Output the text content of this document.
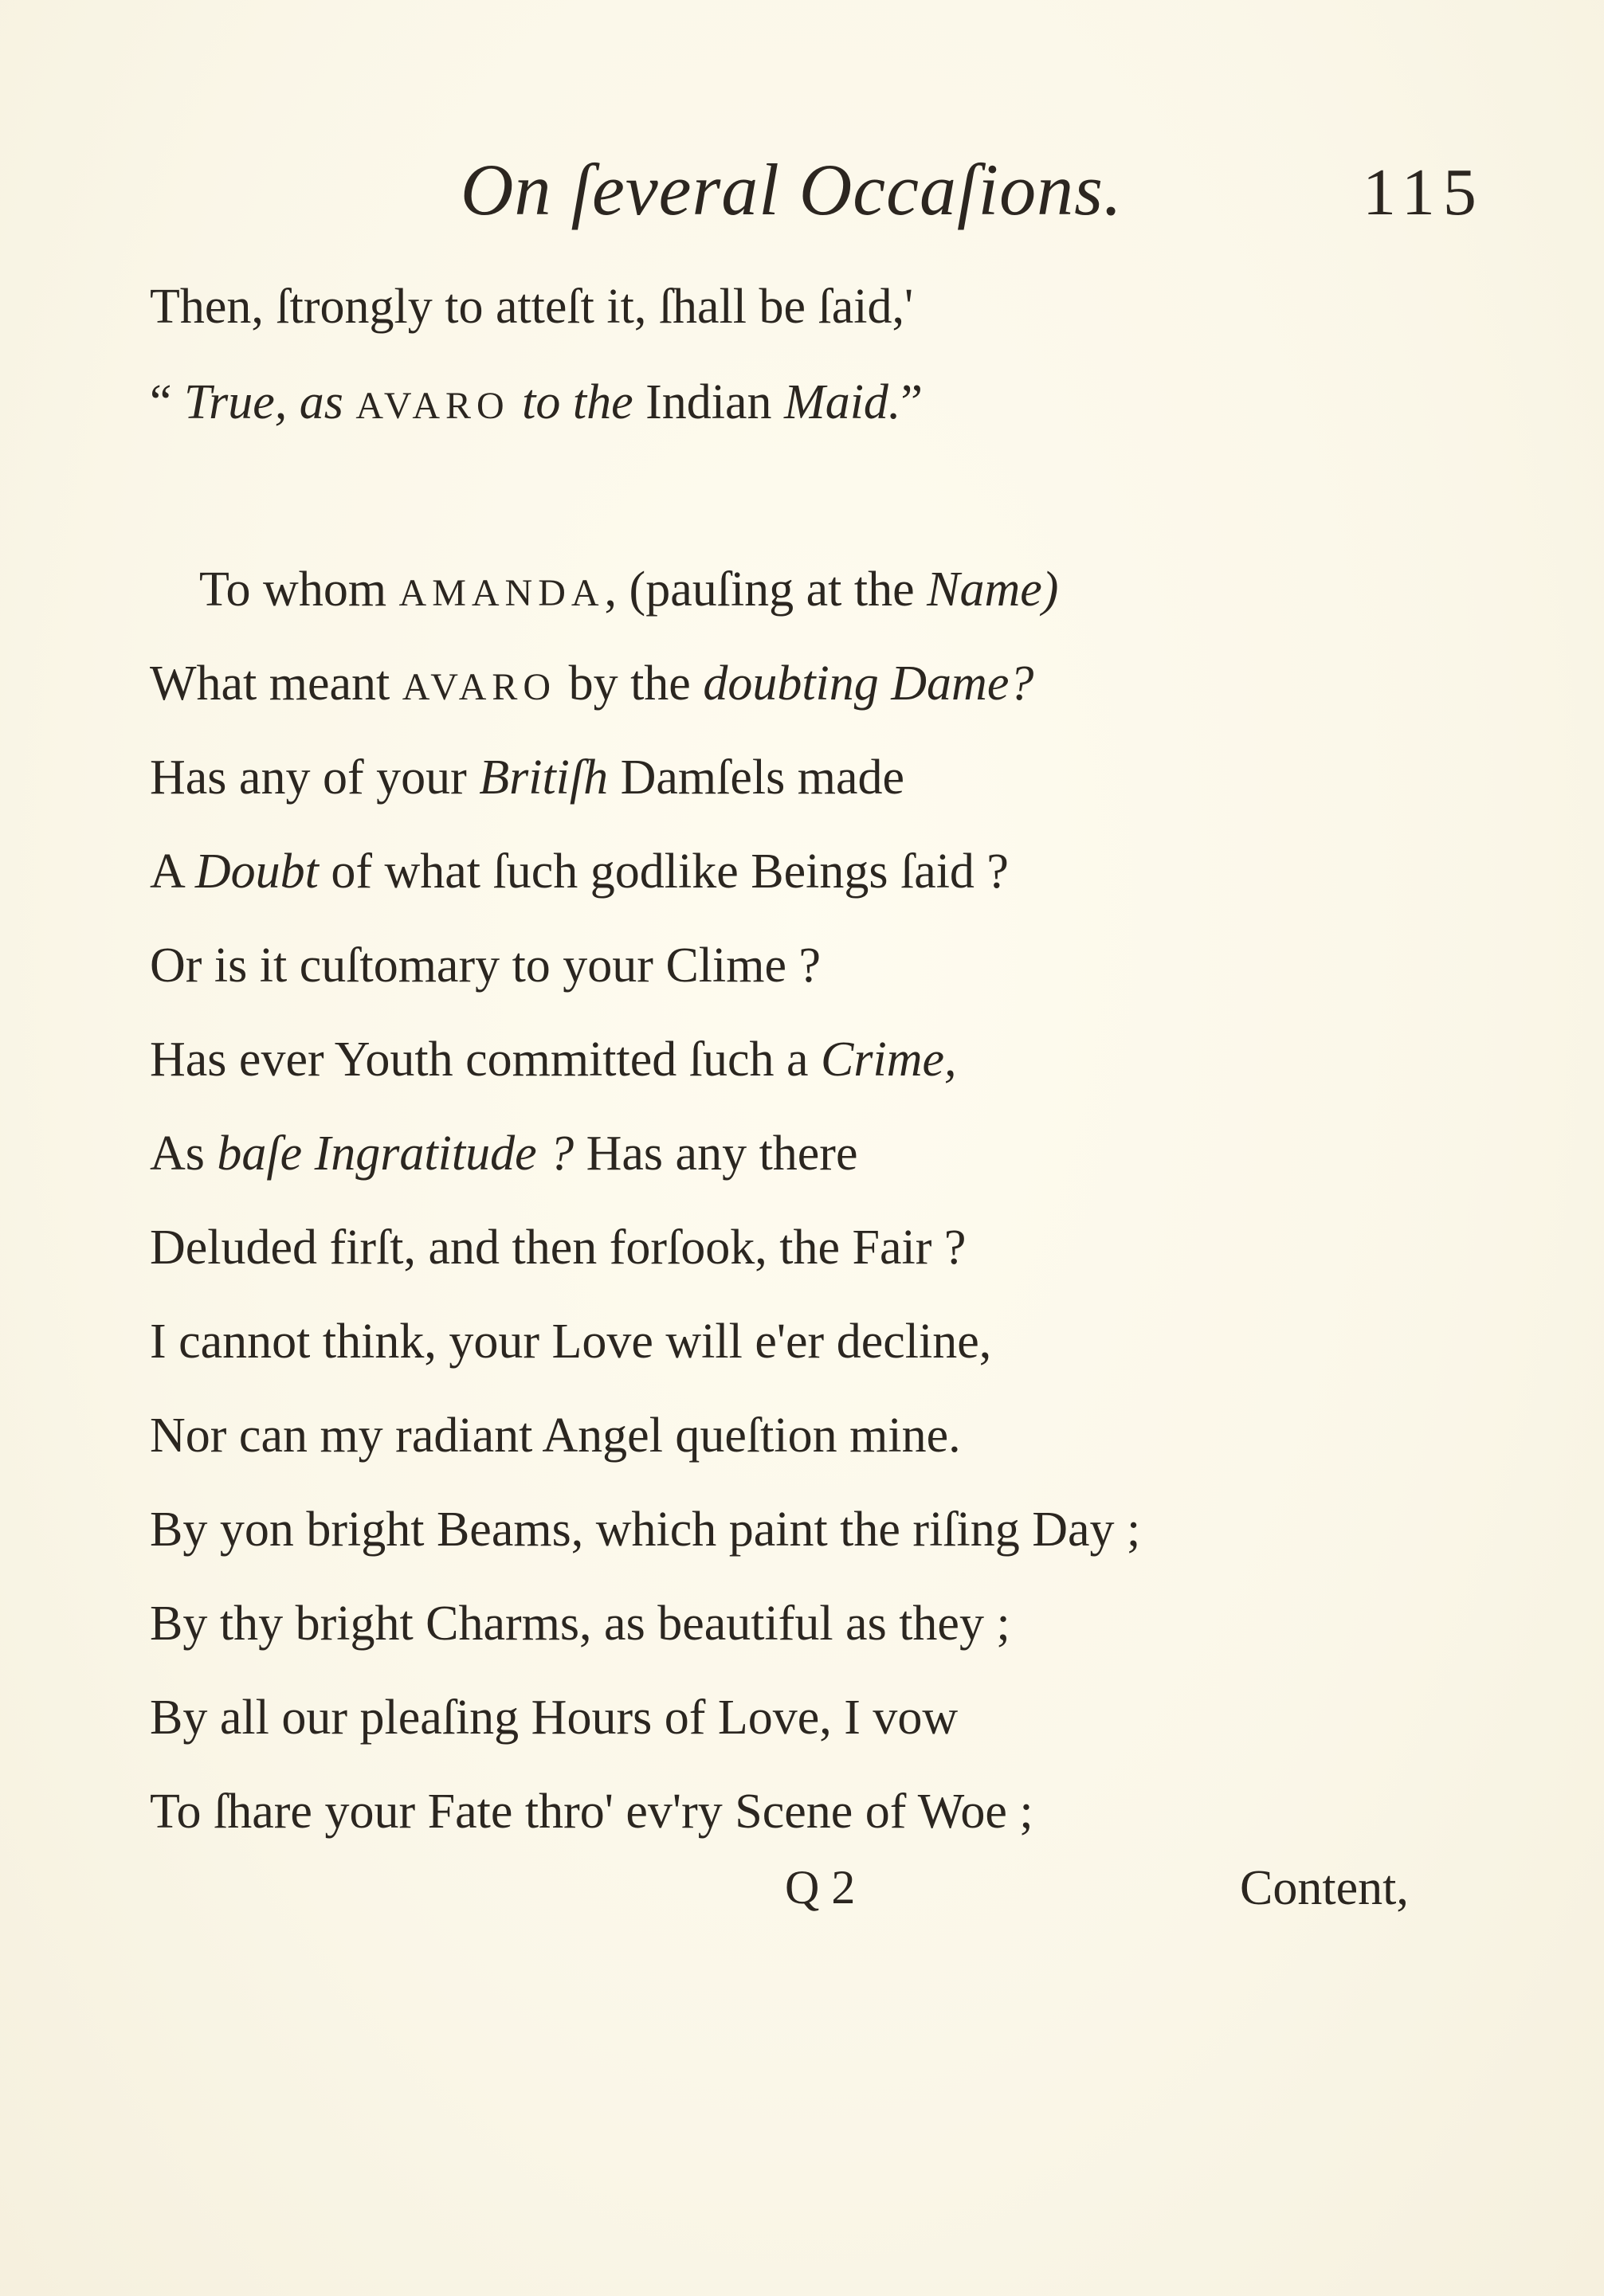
On ſeveral Occaſions.	115
Then, ſtrongly to atteſt it, ſhall be ſaid,'
“ True, as AVARO to the Indian Maid.”
To whom AMANDA, (pauſing at the Name)
What meant AVARO by the doubting Dame?
Has any of your Britiſh Damſels made
A Doubt of what ſuch godlike Beings ſaid ?
Or is it cuſtomary to your Clime ?
Has ever Youth committed ſuch a Crime,
As baſe Ingratitude ? Has any there
Deluded firſt, and then forſook, the Fair ?
I cannot think, your Love will e'er decline,
Nor can my radiant Angel queſtion mine.
By yon bright Beams, which paint the riſing Day ;
By thy bright Charms, as beautiful as they ;
By all our pleaſing Hours of Love, I vow
To ſhare your Fate thro' ev'ry Scene of Woe ;
Q 2	Content,
